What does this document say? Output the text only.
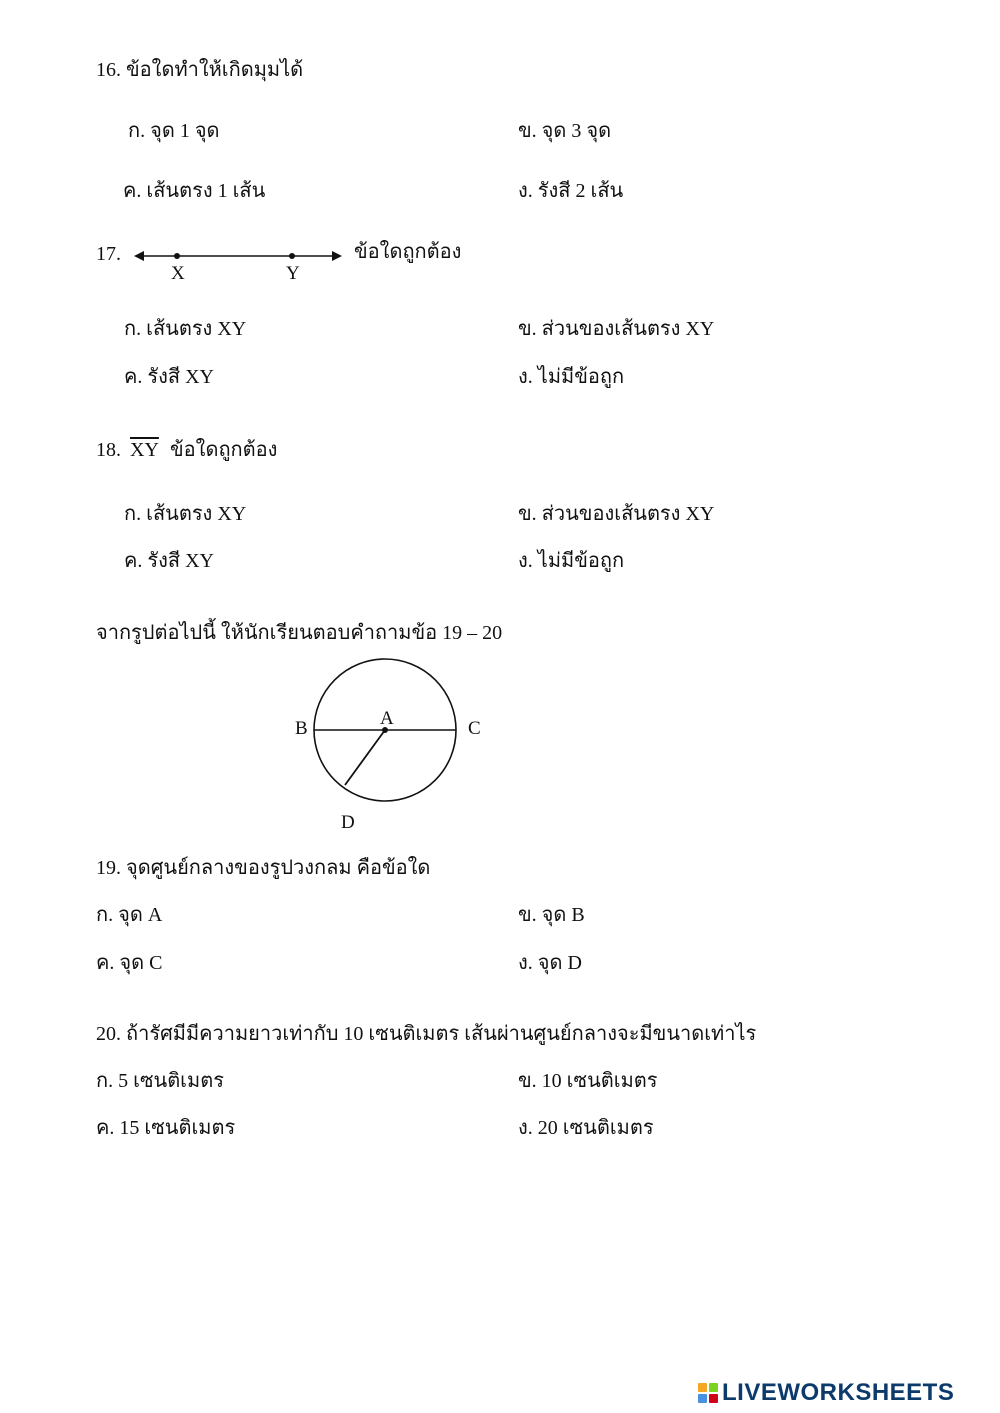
16. ข้อใดทำให้เกิดมุมได้
ก. จุด 1 จุด	ข. จุด 3 จุด
ค. เส้นตรง 1 เส้น	ง. รังสี 2 เส้น
17.
X	Y
ข้อใดถูกต้อง
ก. เส้นตรง XY	ข. ส่วนของเส้นตรง XY
ค. รังสี XY	ง. ไม่มีข้อถูก
18. $\overline{XY}$ ข้อใดถูกต้อง
ก. เส้นตรง XY	ข. ส่วนของเส้นตรง XY
ค. รังสี XY	ง. ไม่มีข้อถูก
จากรูปต่อไปนี้ ให้นักเรียนตอบคำถามข้อ 19 – 20
A
B	C
D
19. จุดศูนย์กลางของรูปวงกลม คือข้อใด
ก. จุด A	ข. จุด B
ค. จุด C	ง. จุด D
20. ถ้ารัศมีมีความยาวเท่ากับ 10 เซนติเมตร เส้นผ่านศูนย์กลางจะมีขนาดเท่าไร
ก. 5 เซนติเมตร	ข. 10 เซนติเมตร
ค. 15 เซนติเมตร	ง. 20 เซนติเมตร
LIVEWORKSHEETS
